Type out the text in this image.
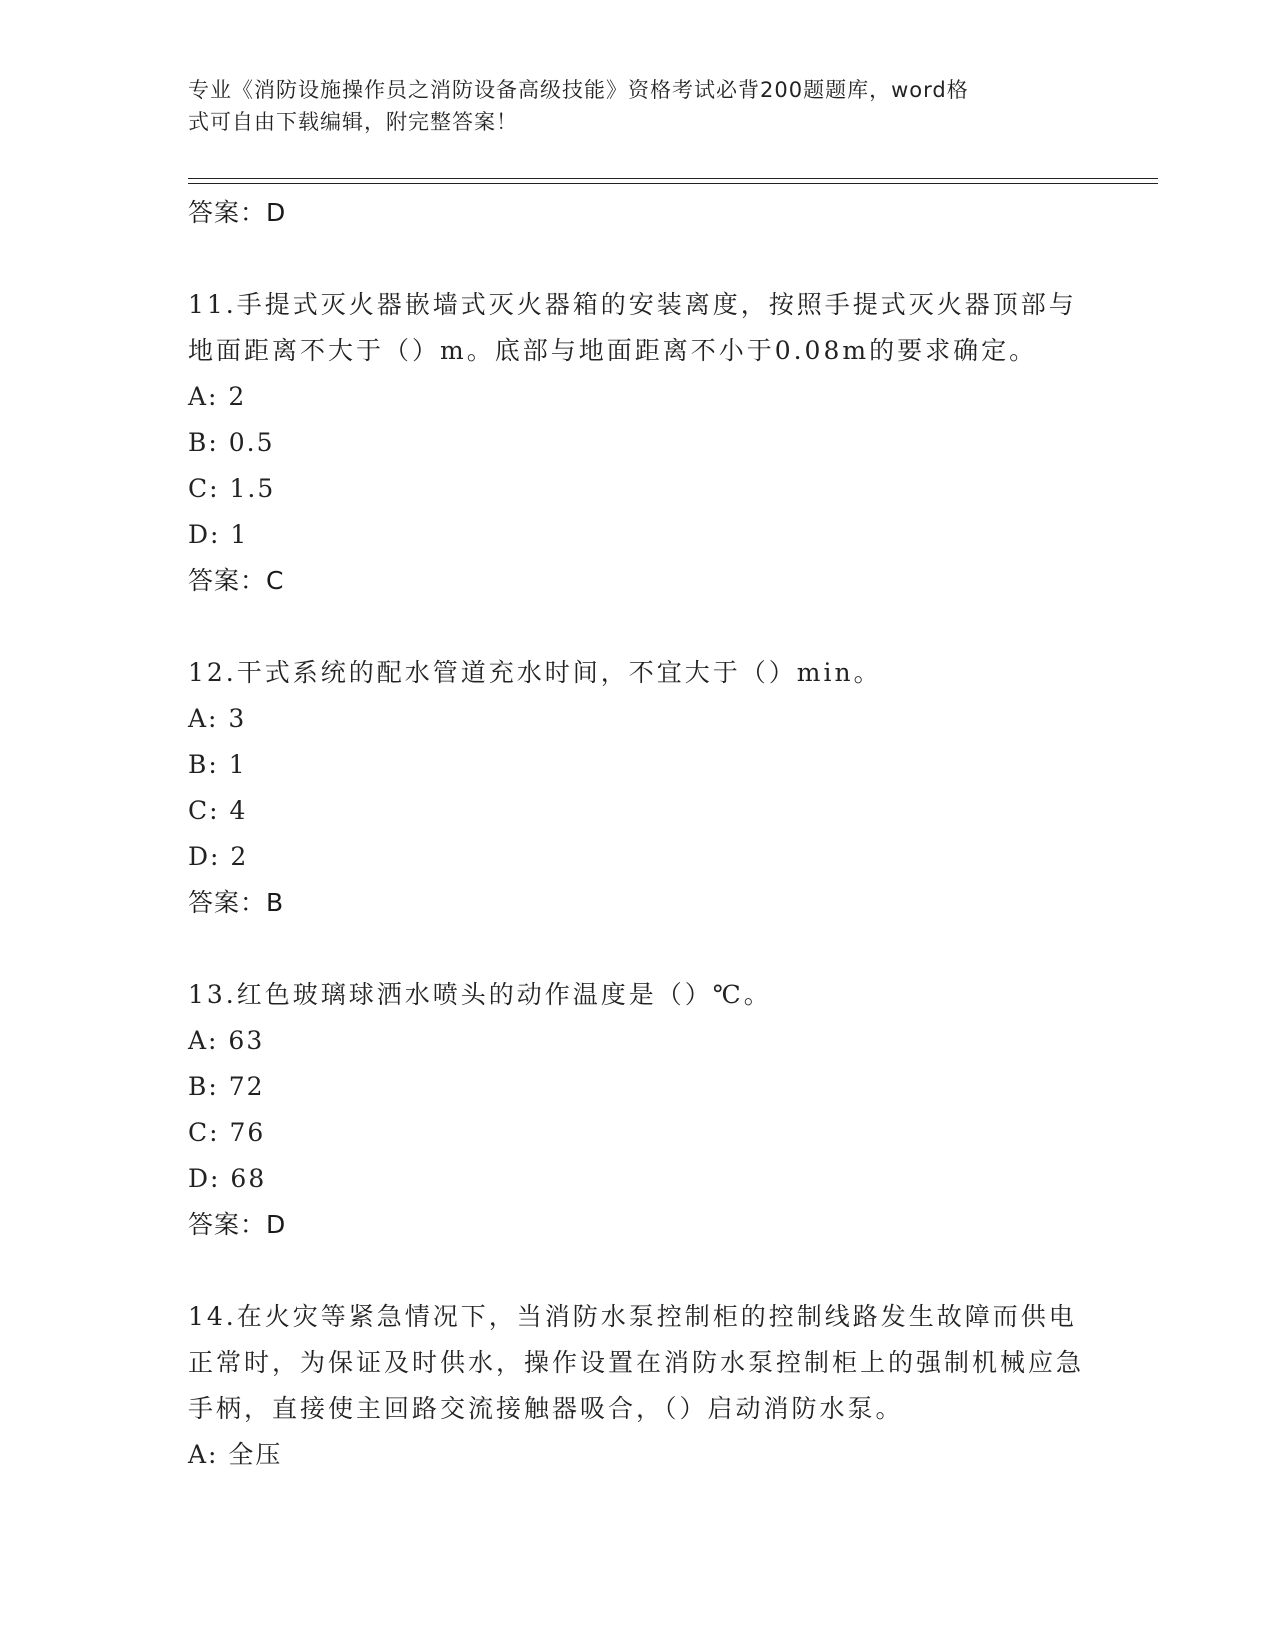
专业《消防设施操作员之消防设备高级技能》资格考试必背200题题库，word格
式可自由下载编辑，附完整答案！
答案：D
11.手提式灭火器嵌墙式灭火器箱的安装离度，按照手提式灭火器顶部与地面距离不大于（）m。底部与地面距离不小于0.08m的要求确定。
A: 2
B: 0.5
C: 1.5
D: 1
答案：C
12.干式系统的配水管道充水时间，不宜大于（）min。
A: 3
B: 1
C: 4
D: 2
答案：B
13.红色玻璃球洒水喷头的动作温度是（）℃。
A: 63
B: 72
C: 76
D: 68
答案：D
14.在火灾等紧急情况下，当消防水泵控制柜的控制线路发生故障而供电正常时，为保证及时供水，操作设置在消防水泵控制柜上的强制机械应急手柄，直接使主回路交流接触器吸合，（）启动消防水泵。
A: 全压
